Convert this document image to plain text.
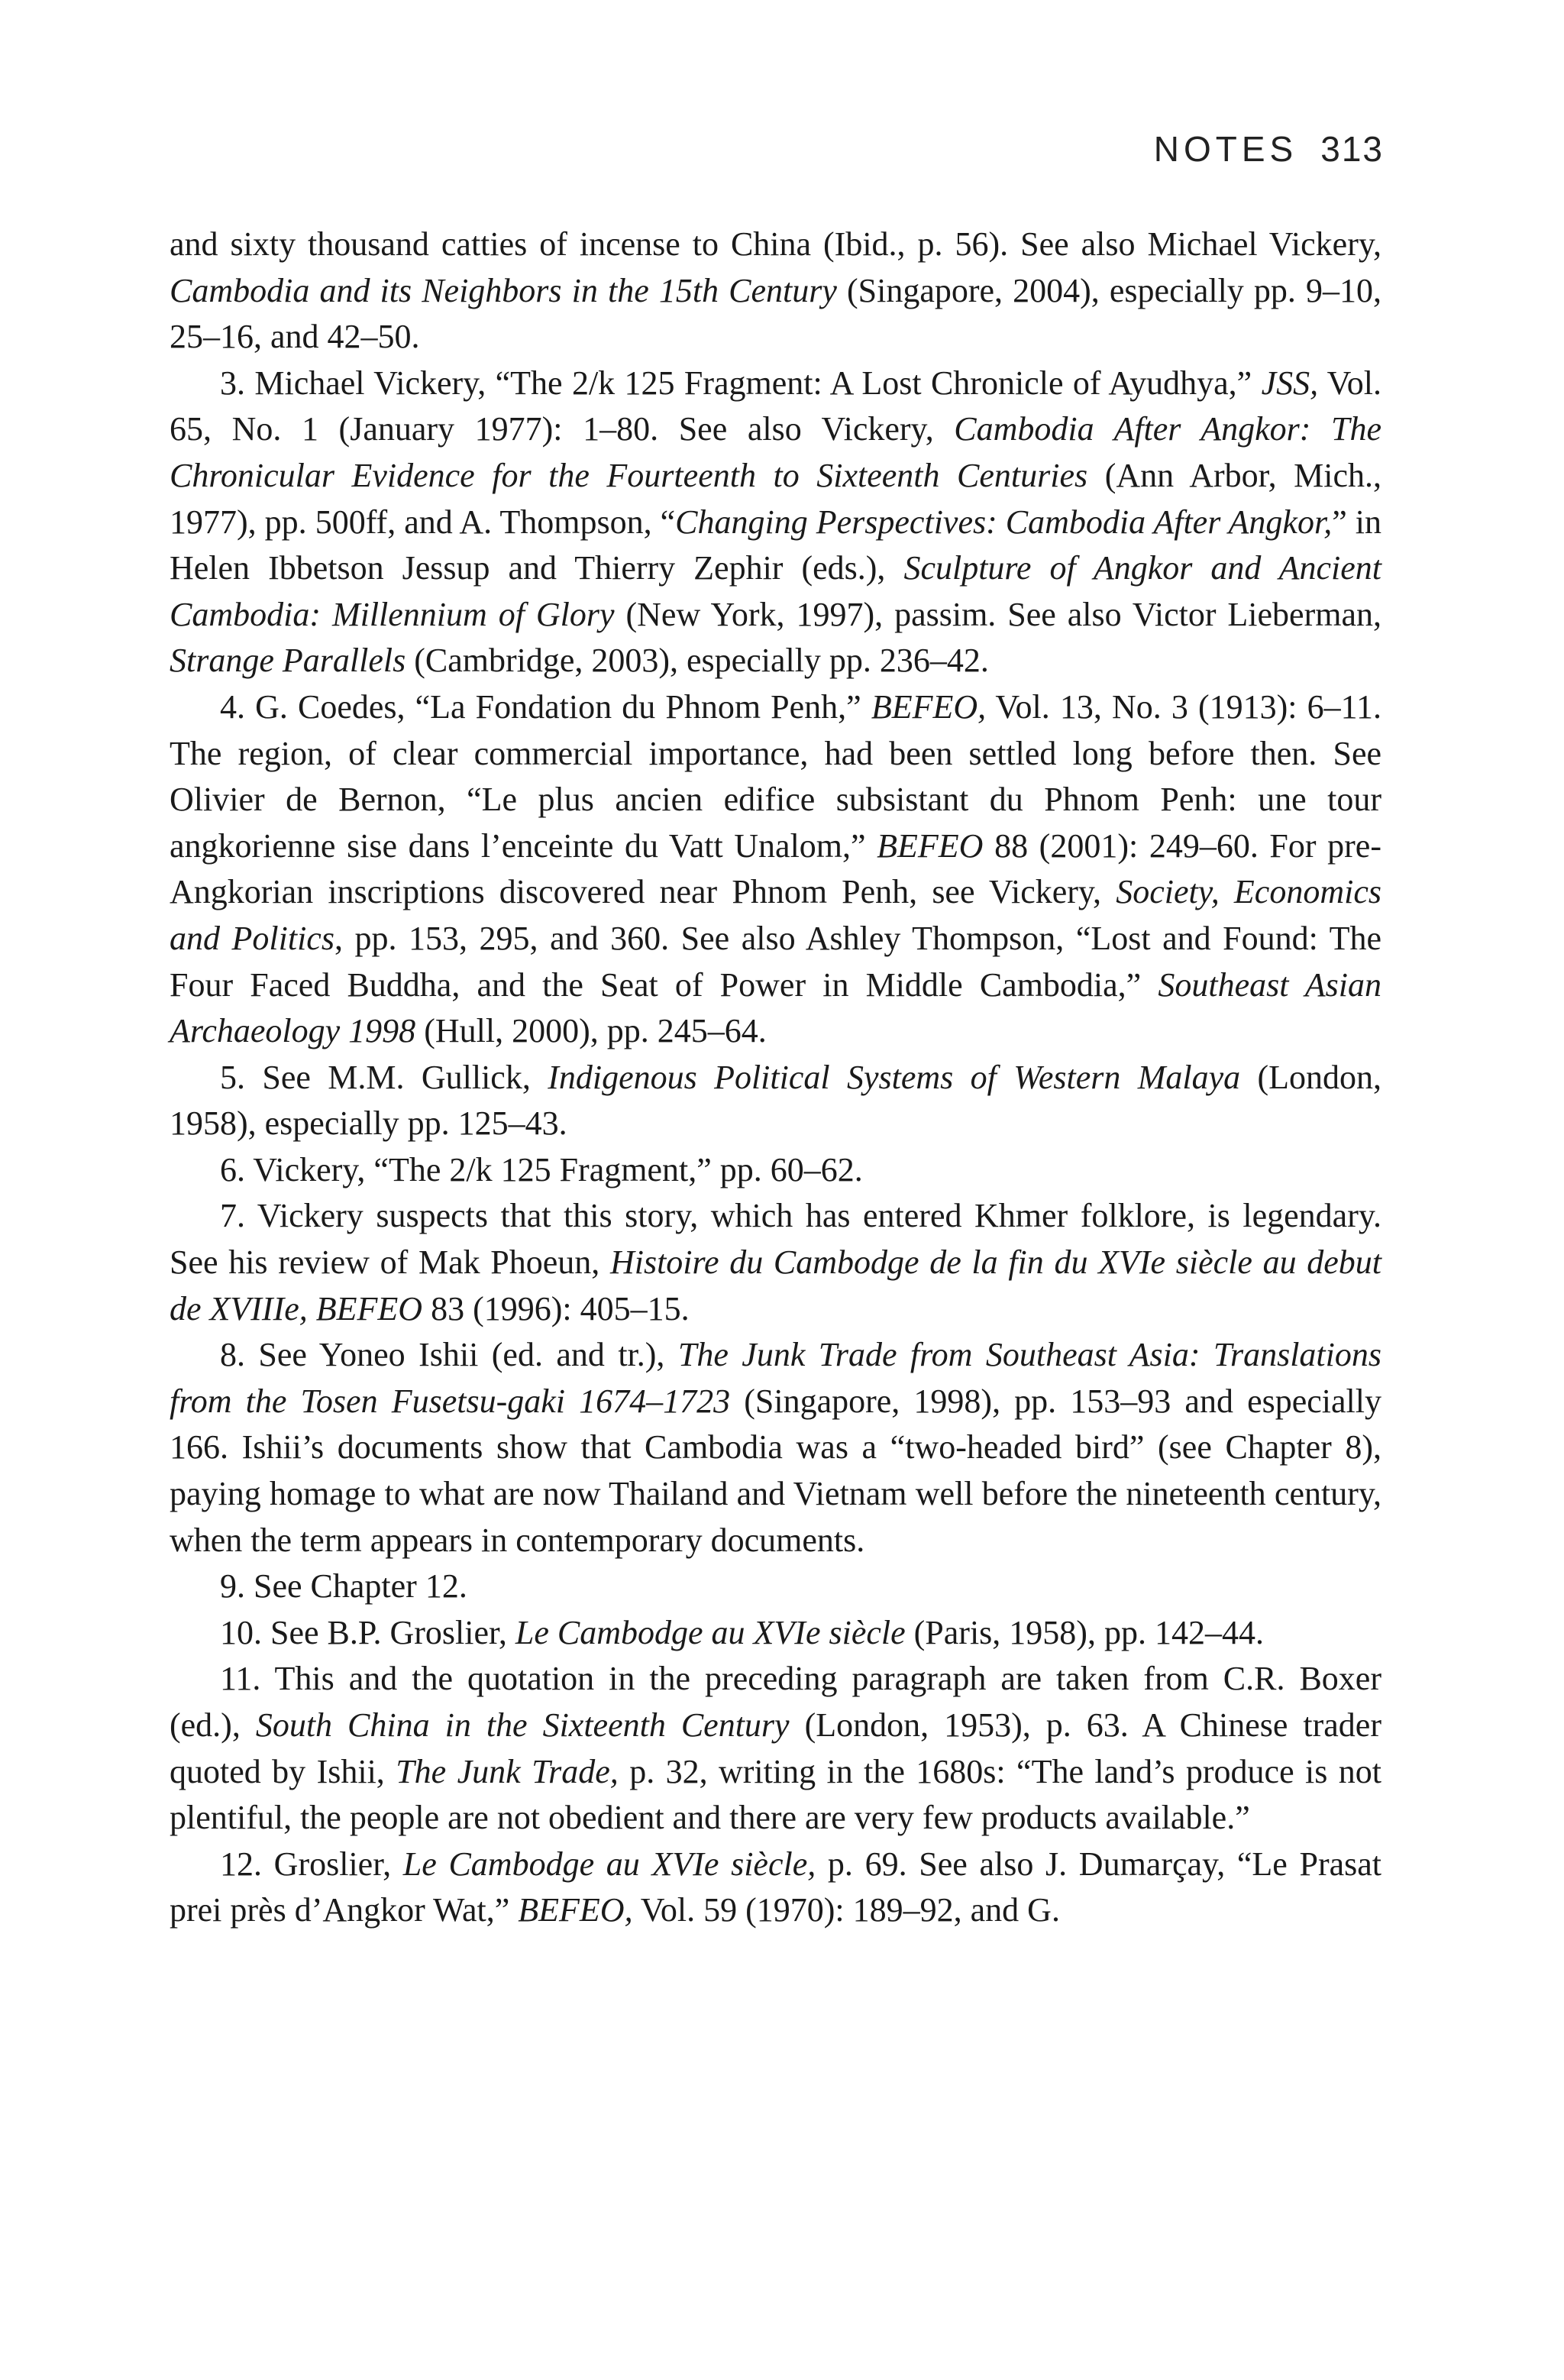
NOTES 313

and sixty thousand catties of incense to China (Ibid., p. 56). See also Michael Vickery, Cambodia and its Neighbors in the 15th Century (Singapore, 2004), especially pp. 9–10, 25–16, and 42–50.

3. Michael Vickery, “The 2/k 125 Fragment: A Lost Chronicle of Ayudhya,” JSS, Vol. 65, No. 1 (January 1977): 1–80. See also Vickery, Cambodia After Angkor: The Chronicular Evidence for the Fourteenth to Sixteenth Centuries (Ann Arbor, Mich., 1977), pp. 500ff, and A. Thompson, “Changing Perspectives: Cambodia After Angkor,” in Helen Ibbetson Jessup and Thierry Zephir (eds.), Sculpture of Angkor and Ancient Cambodia: Millennium of Glory (New York, 1997), passim. See also Victor Lieberman, Strange Parallels (Cambridge, 2003), especially pp. 236–42.

4. G. Coedes, “La Fondation du Phnom Penh,” BEFEO, Vol. 13, No. 3 (1913): 6–11. The region, of clear commercial importance, had been settled long before then. See Olivier de Bernon, “Le plus ancien edifice subsistant du Phnom Penh: une tour angkorienne sise dans l’enceinte du Vatt Unalom,” BEFEO 88 (2001): 249–60. For pre-Angkorian inscriptions discovered near Phnom Penh, see Vickery, Society, Economics and Politics, pp. 153, 295, and 360. See also Ashley Thompson, “Lost and Found: The Four Faced Buddha, and the Seat of Power in Middle Cambodia,” Southeast Asian Archaeology 1998 (Hull, 2000), pp. 245–64.

5. See M.M. Gullick, Indigenous Political Systems of Western Malaya (London, 1958), especially pp. 125–43.

6. Vickery, “The 2/k 125 Fragment,” pp. 60–62.

7. Vickery suspects that this story, which has entered Khmer folklore, is legendary. See his review of Mak Phoeun, Histoire du Cambodge de la fin du XVIe siècle au debut de XVIIIe, BEFEO 83 (1996): 405–15.

8. See Yoneo Ishii (ed. and tr.), The Junk Trade from Southeast Asia: Translations from the Tosen Fusetsu-gaki 1674–1723 (Singapore, 1998), pp. 153–93 and especially 166. Ishii’s documents show that Cambodia was a “two-headed bird” (see Chapter 8), paying homage to what are now Thailand and Vietnam well before the nineteenth century, when the term appears in contemporary documents.

9. See Chapter 12.

10. See B.P. Groslier, Le Cambodge au XVIe siècle (Paris, 1958), pp. 142–44.

11. This and the quotation in the preceding paragraph are taken from C.R. Boxer (ed.), South China in the Sixteenth Century (London, 1953), p. 63. A Chinese trader quoted by Ishii, The Junk Trade, p. 32, writing in the 1680s: “The land’s produce is not plentiful, the people are not obedient and there are very few products available.”

12. Groslier, Le Cambodge au XVIe siècle, p. 69. See also J. Dumarçay, “Le Prasat prei près d’Angkor Wat,” BEFEO, Vol. 59 (1970): 189–92, and G.
